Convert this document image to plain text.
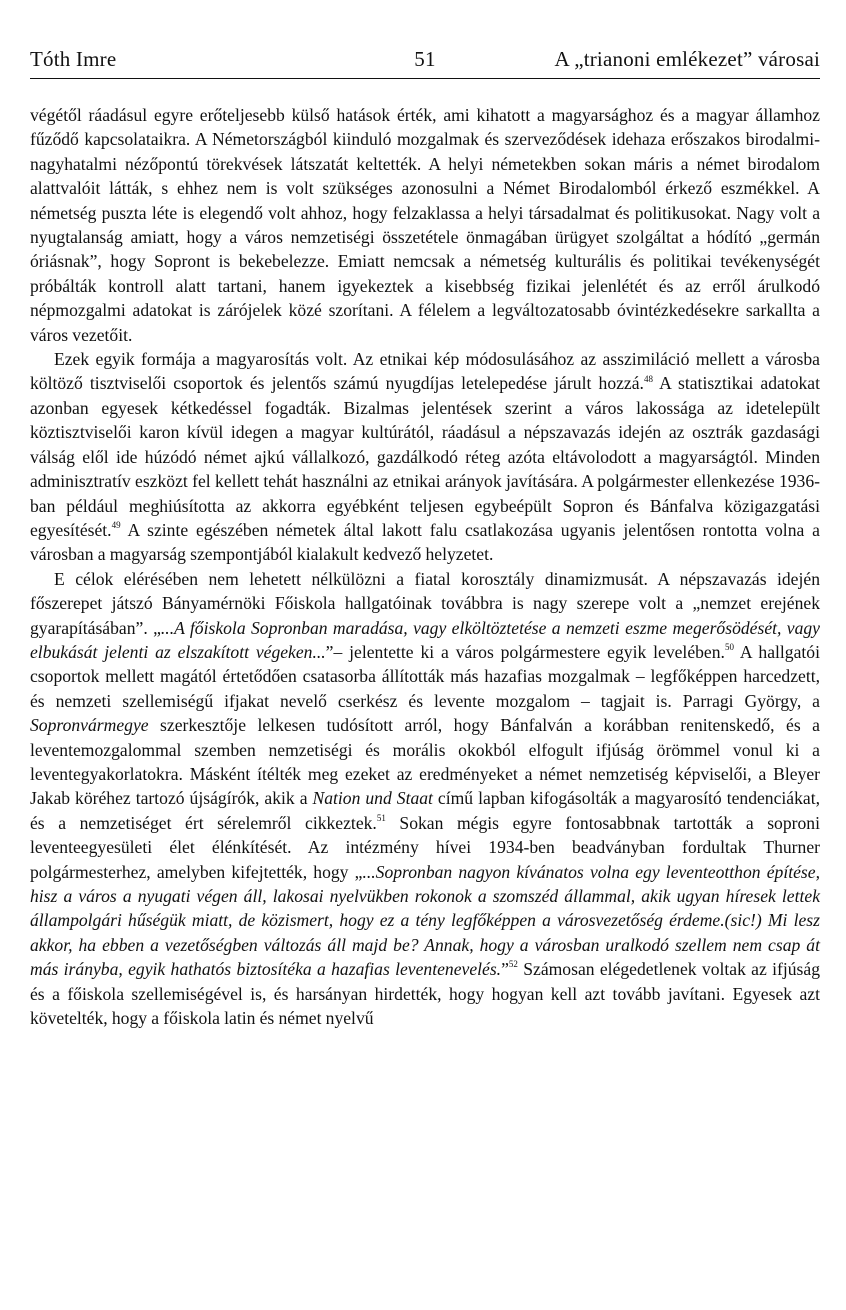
Tóth Imre	51	A „trianoni emlékezet” városai

végétől ráadásul egyre erőteljesebb külső hatások érték, ami kihatott a magyarsághoz és a magyar államhoz fűződő kapcsolataikra. A Németországból kiinduló mozgalmak és szerveződések idehaza erőszakos birodalmi-nagyhatalmi nézőpontú törekvések látszatát keltették. A helyi németekben sokan máris a német birodalom alattvalóit látták, s ehhez nem is volt szükséges azonosulni a Német Birodalomból érkező eszmékkel. A németség puszta léte is elegendő volt ahhoz, hogy felzaklassa a helyi társadalmat és politikusokat. Nagy volt a nyugtalanság amiatt, hogy a város nemzetiségi összetétele önmagában ürügyet szolgáltat a hódító „germán óriásnak”, hogy Sopront is bekebelezze. Emiatt nemcsak a németség kulturális és politikai tevékenységét próbálták kontroll alatt tartani, hanem igyekeztek a kisebbség fizikai jelenlétét és az erről árulkodó népmozgalmi adatokat is zárójelek közé szorítani. A félelem a legváltozatosabb óvintézkedésekre sarkallta a város vezetőit.

Ezek egyik formája a magyarosítás volt. Az etnikai kép módosulásához az asszimiláció mellett a városba költöző tisztviselői csoportok és jelentős számú nyugdíjas letelepedése járult hozzá.$^{48}$ A statisztikai adatokat azonban egyesek kétkedéssel fogadták. Bizalmas jelentések szerint a város lakossága az idetelepült köztisztviselői karon kívül idegen a magyar kultúrától, ráadásul a népszavazás idején az osztrák gazdasági válság elől ide húzódó német ajkú vállalkozó, gazdálkodó réteg azóta eltávolodott a magyarságtól. Minden adminisztratív eszközt fel kellett tehát használni az etnikai arányok javítására. A polgármester ellenkezése 1936-ban például meghiúsította az akkorra egyébként teljesen egybeépült Sopron és Bánfalva közigazgatási egyesítését.$^{49}$ A szinte egészében németek által lakott falu csatlakozása ugyanis jelentősen rontotta volna a városban a magyarság szempontjából kialakult kedvező helyzetet.

E célok elérésében nem lehetett nélkülözni a fiatal korosztály dinamizmusát. A népszavazás idején főszerepet játszó Bányamérnöki Főiskola hallgatóinak továbbra is nagy szerepe volt a „nemzet erejének gyarapításában”. „...A főiskola Sopronban maradása, vagy elköltöztetése a nemzeti eszme megerősödését, vagy elbukását jelenti az elszakított végeken...”– jelentette ki a város polgármestere egyik levelében.$^{50}$ A hallgatói csoportok mellett magától értetődően csatasorba állították más hazafias mozgalmak – legfőképpen harcedzett, és nemzeti szellemiségű ifjakat nevelő cserkész és levente mozgalom – tagjait is. Parragi György, a Sopronvármegye szerkesztője lelkesen tudósított arról, hogy Bánfalván a korábban renitenskedő, és a leventemozgalommal szemben nemzetiségi és morális okokból elfogult ifjúság örömmel vonul ki a leventegyakorlatokra. Másként ítélték meg ezeket az eredményeket a német nemzetiség képviselői, a Bleyer Jakab köréhez tartozó újságírók, akik a Nation und Staat című lapban kifogásolták a magyarosító tendenciákat, és a nemzetiséget ért sérelemről cikkeztek.$^{51}$ Sokan mégis egyre fontosabbnak tartották a soproni leventeegyesületi élet élénkítését. Az intézmény hívei 1934-ben beadványban fordultak Thurner polgármesterhez, amelyben kifejtették, hogy „...Sopronban nagyon kívánatos volna egy leventeotthon építése, hisz a város a nyugati végen áll, lakosai nyelvükben rokonok a szomszéd állammal, akik ugyan híresek lettek állampolgári hűségük miatt, de közismert, hogy ez a tény legfőképpen a városvezetőség érdeme.(sic!) Mi lesz akkor, ha ebben a vezetőségben változás áll majd be? Annak, hogy a városban uralkodó szellem nem csap át más irányba, egyik hathatós biztosítéka a hazafias leventenevelés.”$^{52}$ Számosan elégedetlenek voltak az ifjúság és a főiskola szellemiségével is, és harsányan hirdették, hogy hogyan kell azt tovább javítani. Egyesek azt követelték, hogy a főiskola latin és német nyelvű
